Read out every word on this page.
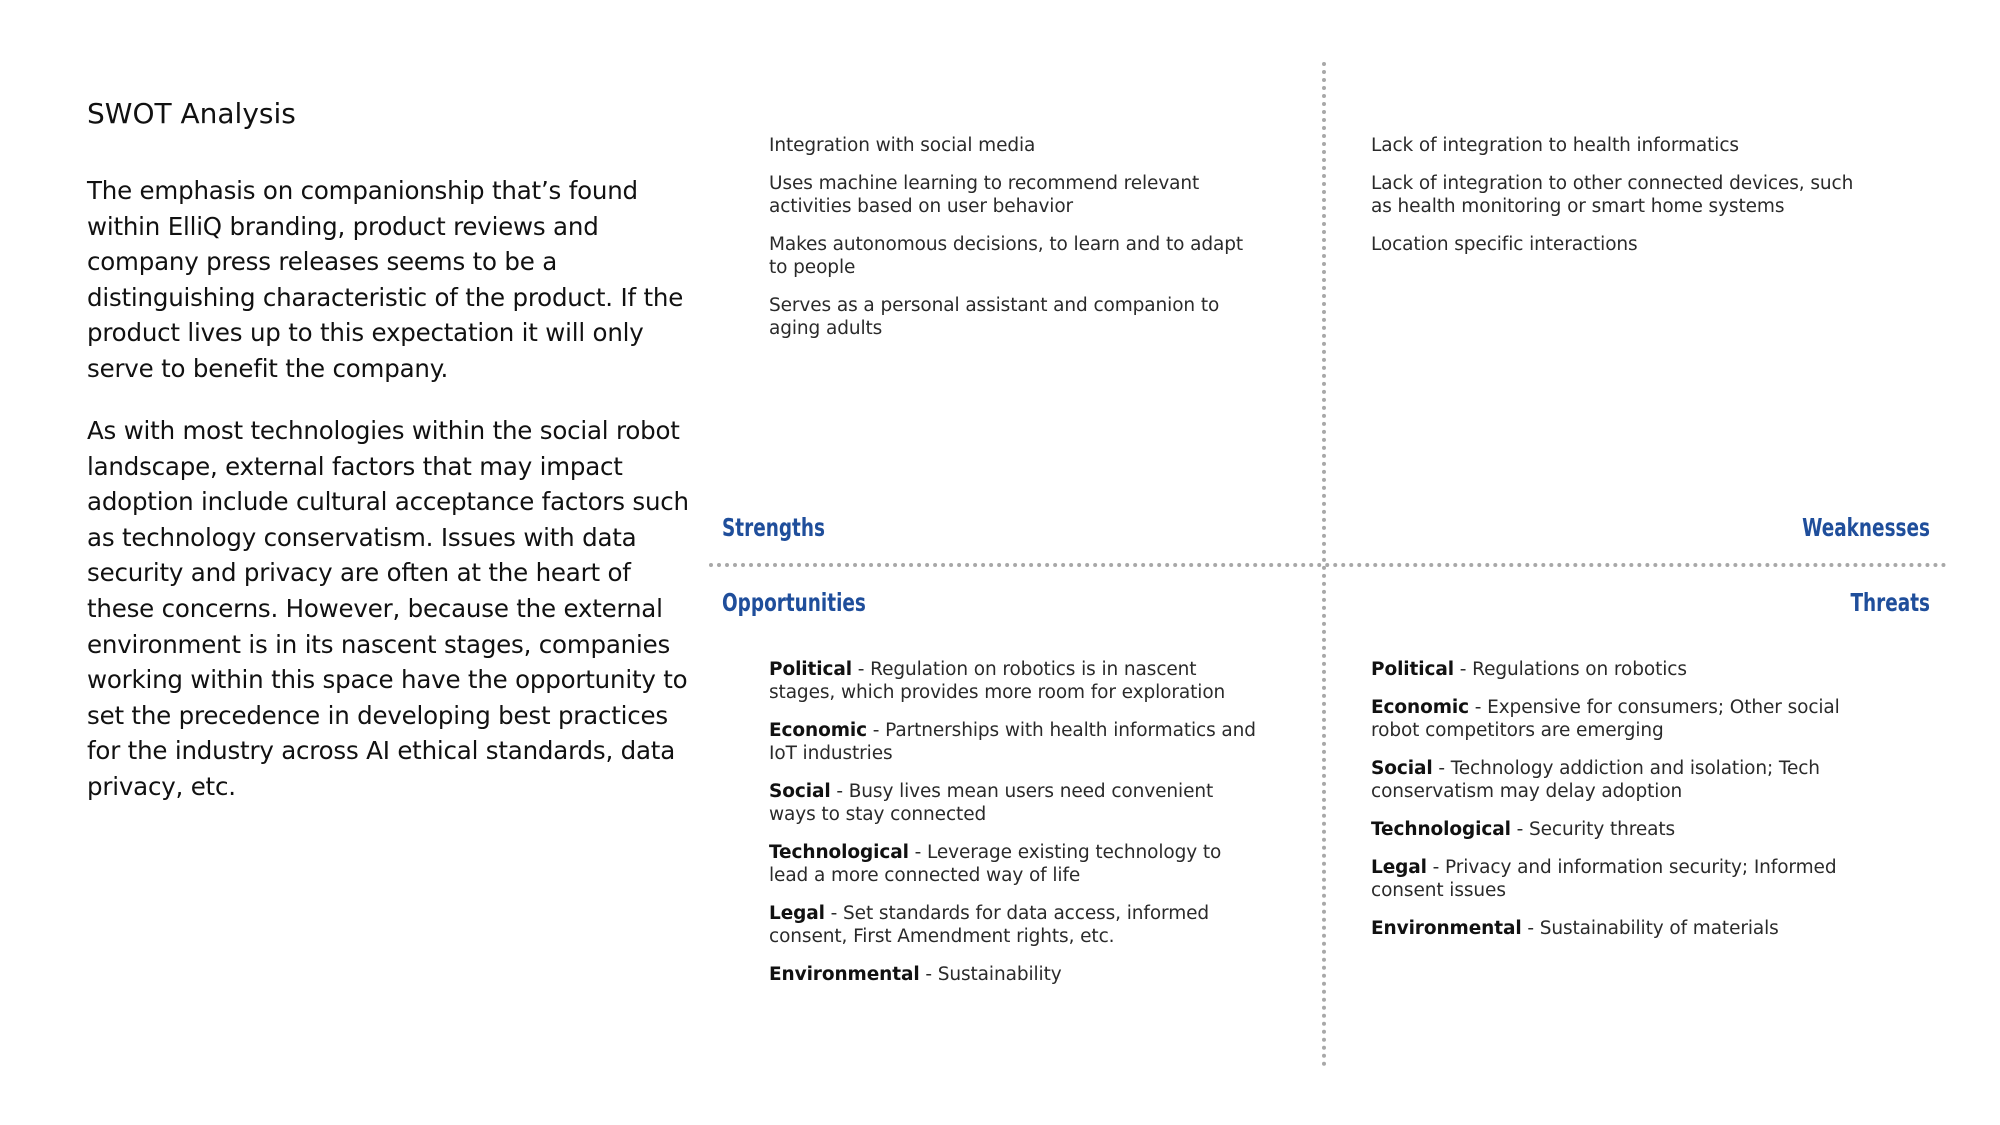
SWOT Analysis

The emphasis on companionship that’s found within ElliQ branding, product reviews and company press releases seems to be a distinguishing characteristic of the product. If the product lives up to this expectation it will only serve to benefit the company.

As with most technologies within the social robot landscape, external factors that may impact adoption include cultural acceptance factors such as technology conservatism. Issues with data security and privacy are often at the heart of these concerns. However, because the external environment is in its nascent stages, companies working within this space have the opportunity to set the precedence in developing best practices for the industry across AI ethical standards, data privacy, etc.

Strengths	Weaknesses
Opportunities	Threats
Integration with social media
Uses machine learning to recommend relevant activities based on user behavior
Makes autonomous decisions, to learn and to adapt to people
Serves as a personal assistant and companion to aging adults
Lack of integration to health informatics
Lack of integration to other connected devices, such as health monitoring or smart home systems
Location specific interactions
Political - Regulation on robotics is in nascent stages, which provides more room for exploration
Economic - Partnerships with health informatics and IoT industries
Social - Busy lives mean users need convenient ways to stay connected
Technological - Leverage existing technology to lead a more connected way of life
Legal - Set standards for data access, informed consent, First Amendment rights, etc.
Environmental - Sustainability
Political - Regulations on robotics
Economic - Expensive for consumers; Other social robot competitors are emerging
Social - Technology addiction and isolation; Tech conservatism may delay adoption
Technological - Security threats
Legal - Privacy and information security; Informed consent issues
Environmental - Sustainability of materials
